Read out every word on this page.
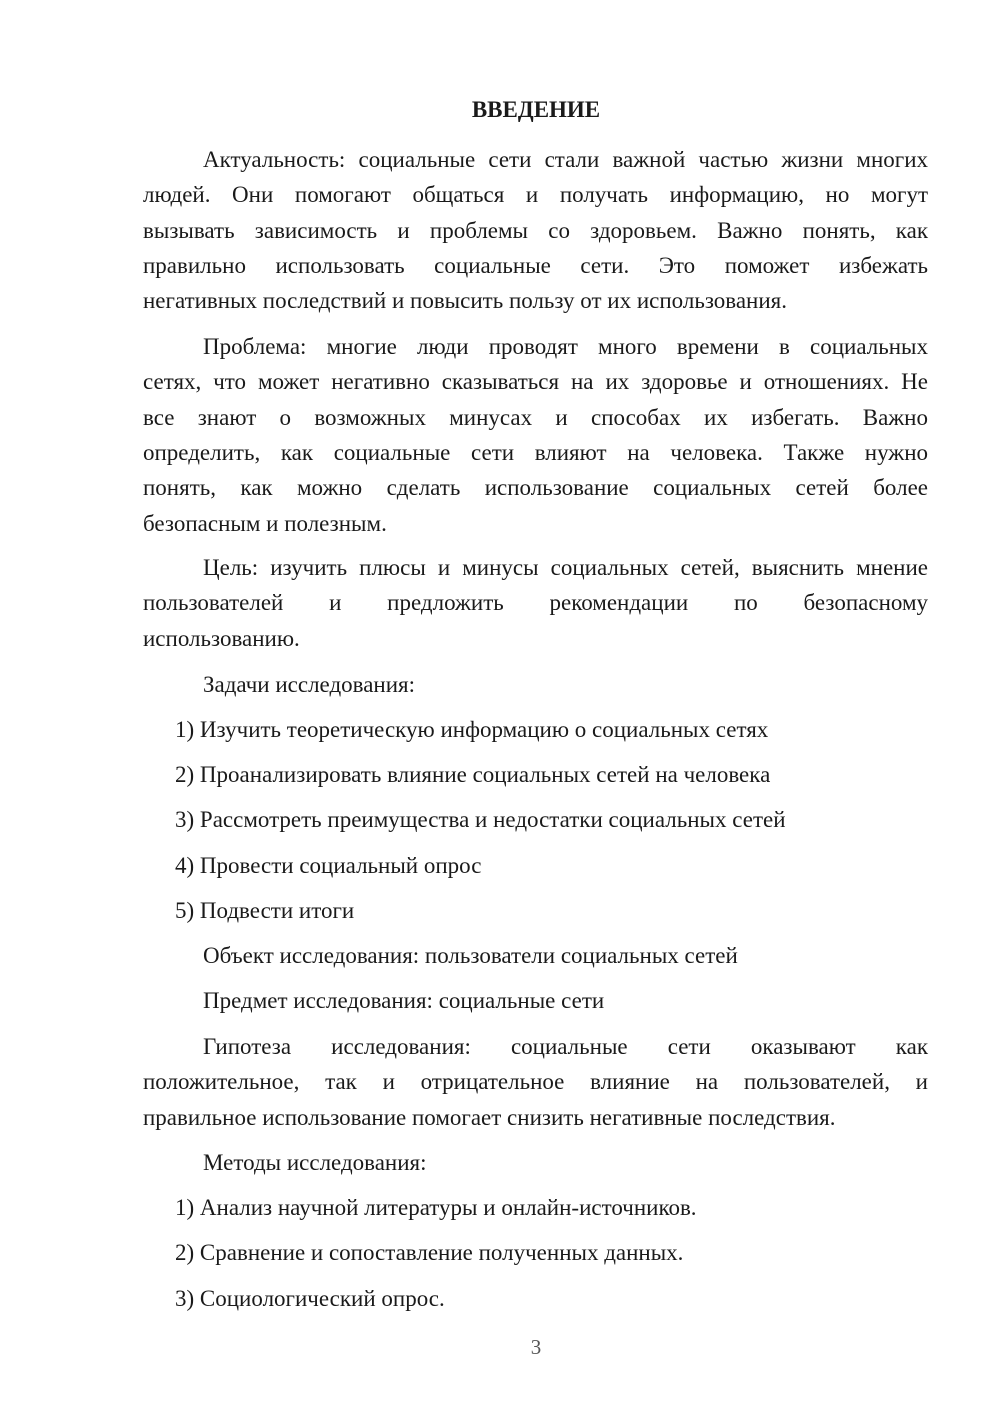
ВВЕДЕНИЕ
Актуальность: социальные сети стали важной частью жизни многих
людей. Они помогают общаться и получать информацию, но могут
вызывать зависимость и проблемы со здоровьем. Важно понять, как
правильно использовать социальные сети. Это поможет избежать
негативных последствий и повысить пользу от их использования.
Проблема: многие люди проводят много времени в социальных
сетях, что может негативно сказываться на их здоровье и отношениях. Не
все знают о возможных минусах и способах их избегать. Важно
определить, как социальные сети влияют на человека. Также нужно
понять, как можно сделать использование социальных сетей более
безопасным и полезным.
Цель: изучить плюсы и минусы социальных сетей, выяснить мнение
пользователей и предложить рекомендации по безопасному
использованию.
Задачи исследования:
1) Изучить теоретическую информацию о социальных сетях
2) Проанализировать влияние социальных сетей на человека
3) Рассмотреть преимущества и недостатки социальных сетей
4) Провести социальный опрос
5) Подвести итоги
Объект исследования: пользователи социальных сетей
Предмет исследования: социальные сети
Гипотеза исследования: социальные сети оказывают как
положительное, так и отрицательное влияние на пользователей, и
правильное использование помогает снизить негативные последствия.
Методы исследования:
1) Анализ научной литературы и онлайн-источников.
2) Сравнение и сопоставление полученных данных.
3) Социологический опрос.
3
